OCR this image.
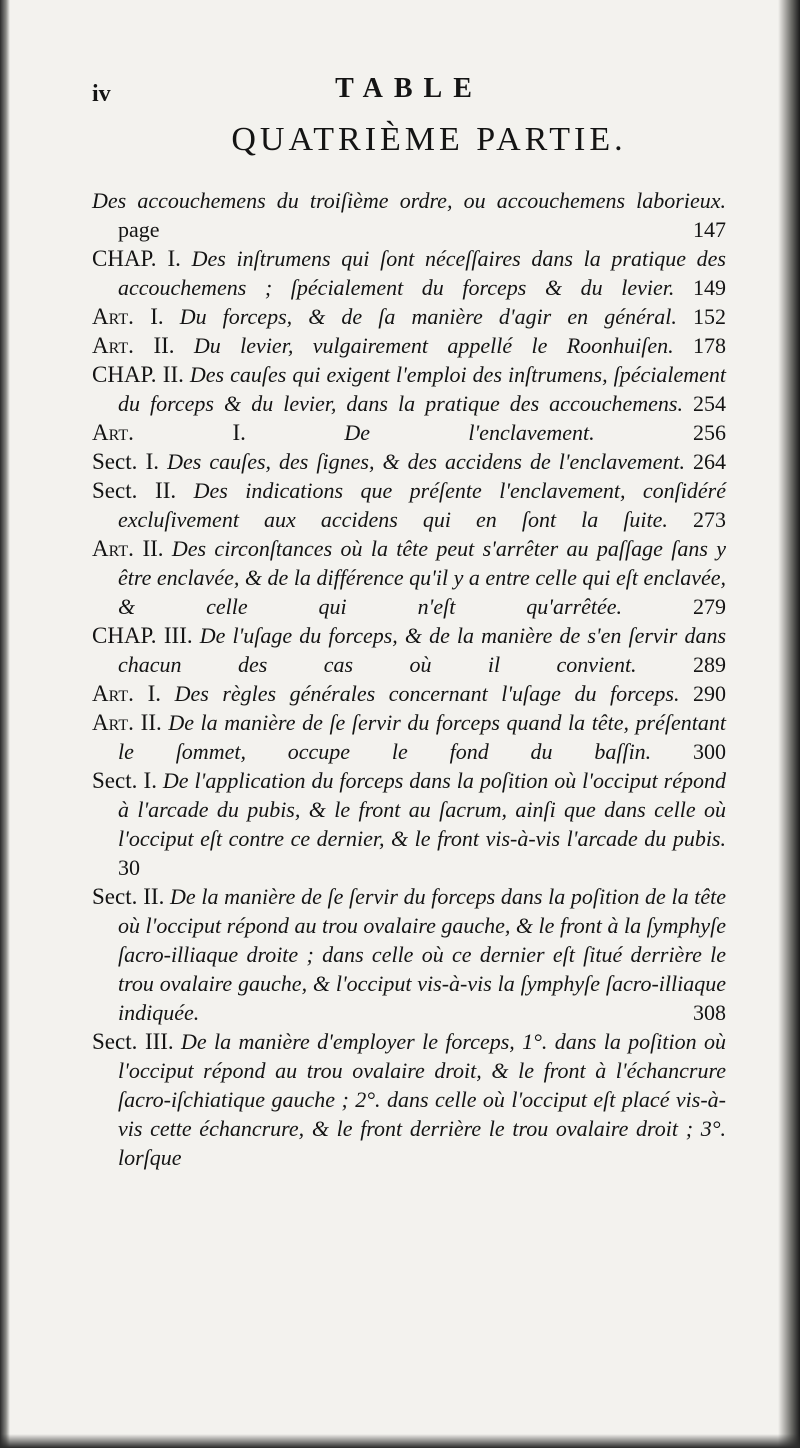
iv	TABLE
QUATRIÈME PARTIE.

Des accouchemens du troiſième ordre, ou accouchemens laborieux. page 147

CHAP. I. Des inſtrumens qui ſont néceſſaires dans la pratique des accouchemens ; ſpécialement du forceps & du levier. 149

Art. I. Du forceps, & de ſa manière d'agir en général. 152

Art. II. Du levier, vulgairement appellé le Roonhuiſen. 178

CHAP. II. Des cauſes qui exigent l'emploi des inſtrumens, ſpécialement du forceps & du levier, dans la pratique des accouchemens. 254

Art. I.	De l'enclavement.	256

Sect. I. Des cauſes, des ſignes, & des accidens de l'enclavement. 264

Sect. II. Des indications que préſente l'enclavement, conſidéré excluſivement aux accidens qui en ſont la ſuite. 273

Art. II. Des circonſtances où la tête peut s'arrêter au paſſage ſans y être enclavée, & de la différence qu'il y a entre celle qui eſt enclavée, & celle qui n'eſt qu'arrêtée.	279

CHAP. III. De l'uſage du forceps, & de la manière de s'en ſervir dans chacun des cas où il convient.	289

Art. I. Des règles générales concernant l'uſage du forceps. 290

Art. II. De la manière de ſe ſervir du forceps quand la tête, préſentant le ſommet, occupe le fond du baſſin. 300

Sect. I. De l'application du forceps dans la poſition où l'occiput répond à l'arcade du pubis, & le front au ſacrum, ainſi que dans celle où l'occiput eſt contre ce dernier, & le front vis-à-vis l'arcade du pubis. 30

Sect. II. De la manière de ſe ſervir du forceps dans la poſition de la tête où l'occiput répond au trou ovalaire gauche, & le front à la ſymphyſe ſacro-illiaque droite ; dans celle où ce dernier eſt ſitué derrière le trou ovalaire gauche, & l'occiput vis-à-vis la ſymphyſe ſacro-illiaque indiquée.	308

Sect. III. De la manière d'employer le forceps, 1°. dans la poſition où l'occiput répond au trou ovalaire droit, & le front à l'échancrure ſacro-iſchiatique gauche ; 2°. dans celle où l'occiput eſt placé vis-à-vis cette échancrure, & le front derrière le trou ovalaire droit ; 3°. lorſque
